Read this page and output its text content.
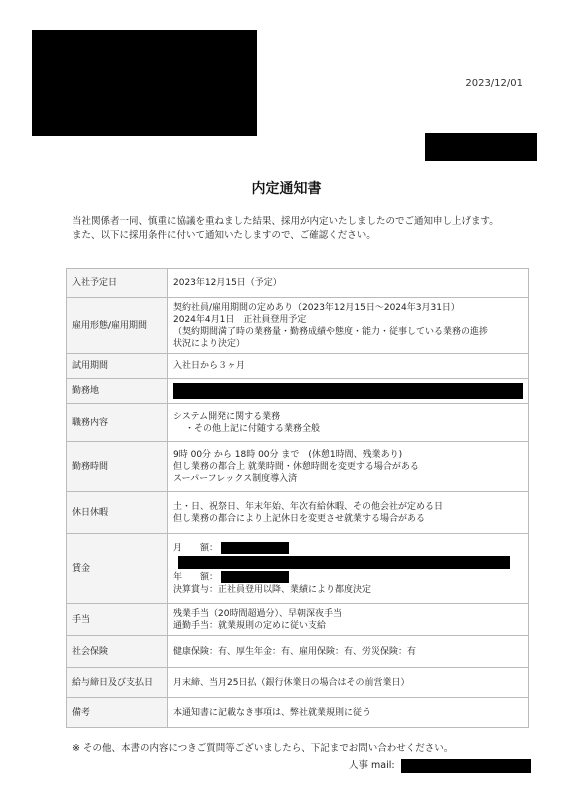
2023/12/01
内定通知書
当社関係者一同、慎重に協議を重ねました結果、採用が内定いたしましたのでご通知申し上げます。
また、以下に採用条件に付いて通知いたしますので、ご確認ください。
入社予定日	2023年12月15日（予定）

雇用形態/雇用期間	契約社員/雇用期間の定めあり（2023年12月15日〜2024年3月31日）
2024年4月1日　正社員登用予定
（契約期間満了時の業務量・勤務成績や態度・能力・従事している業務の進捗
状況により決定）

試用期間	入社日から３ヶ月

勤務地	
職務内容	システム開発に関する業務
・その他上記に付随する業務全般

勤務時間	9時 00分 から 18時 00分 まで　(休憩1時間、残業あり)
但し業務の都合上 就業時間・休憩時間を変更する場合がある
スーパーフレックス制度導入済

休日休暇	土・日、祝祭日、年末年始、年次有給休暇、その他会社が定める日
但し業務の都合により上記休日を変更させ就業する場合がある

賃金	月　　額：
年　　額：
決算賞与：正社員登用以降、業績により都度決定

手当	残業手当（20時間超過分）、早朝深夜手当
通勤手当：就業規則の定めに従い支給

社会保険	健康保険：有、厚生年金：有、雇用保険：有、労災保険：有

給与締日及び支払日	月末締、当月25日払（銀行休業日の場合はその前営業日）

備考	本通知書に記載なき事項は、弊社就業規則に従う
※ その他、本書の内容につきご質問等ございましたら、下記までお問い合わせください。
人事 mail:
